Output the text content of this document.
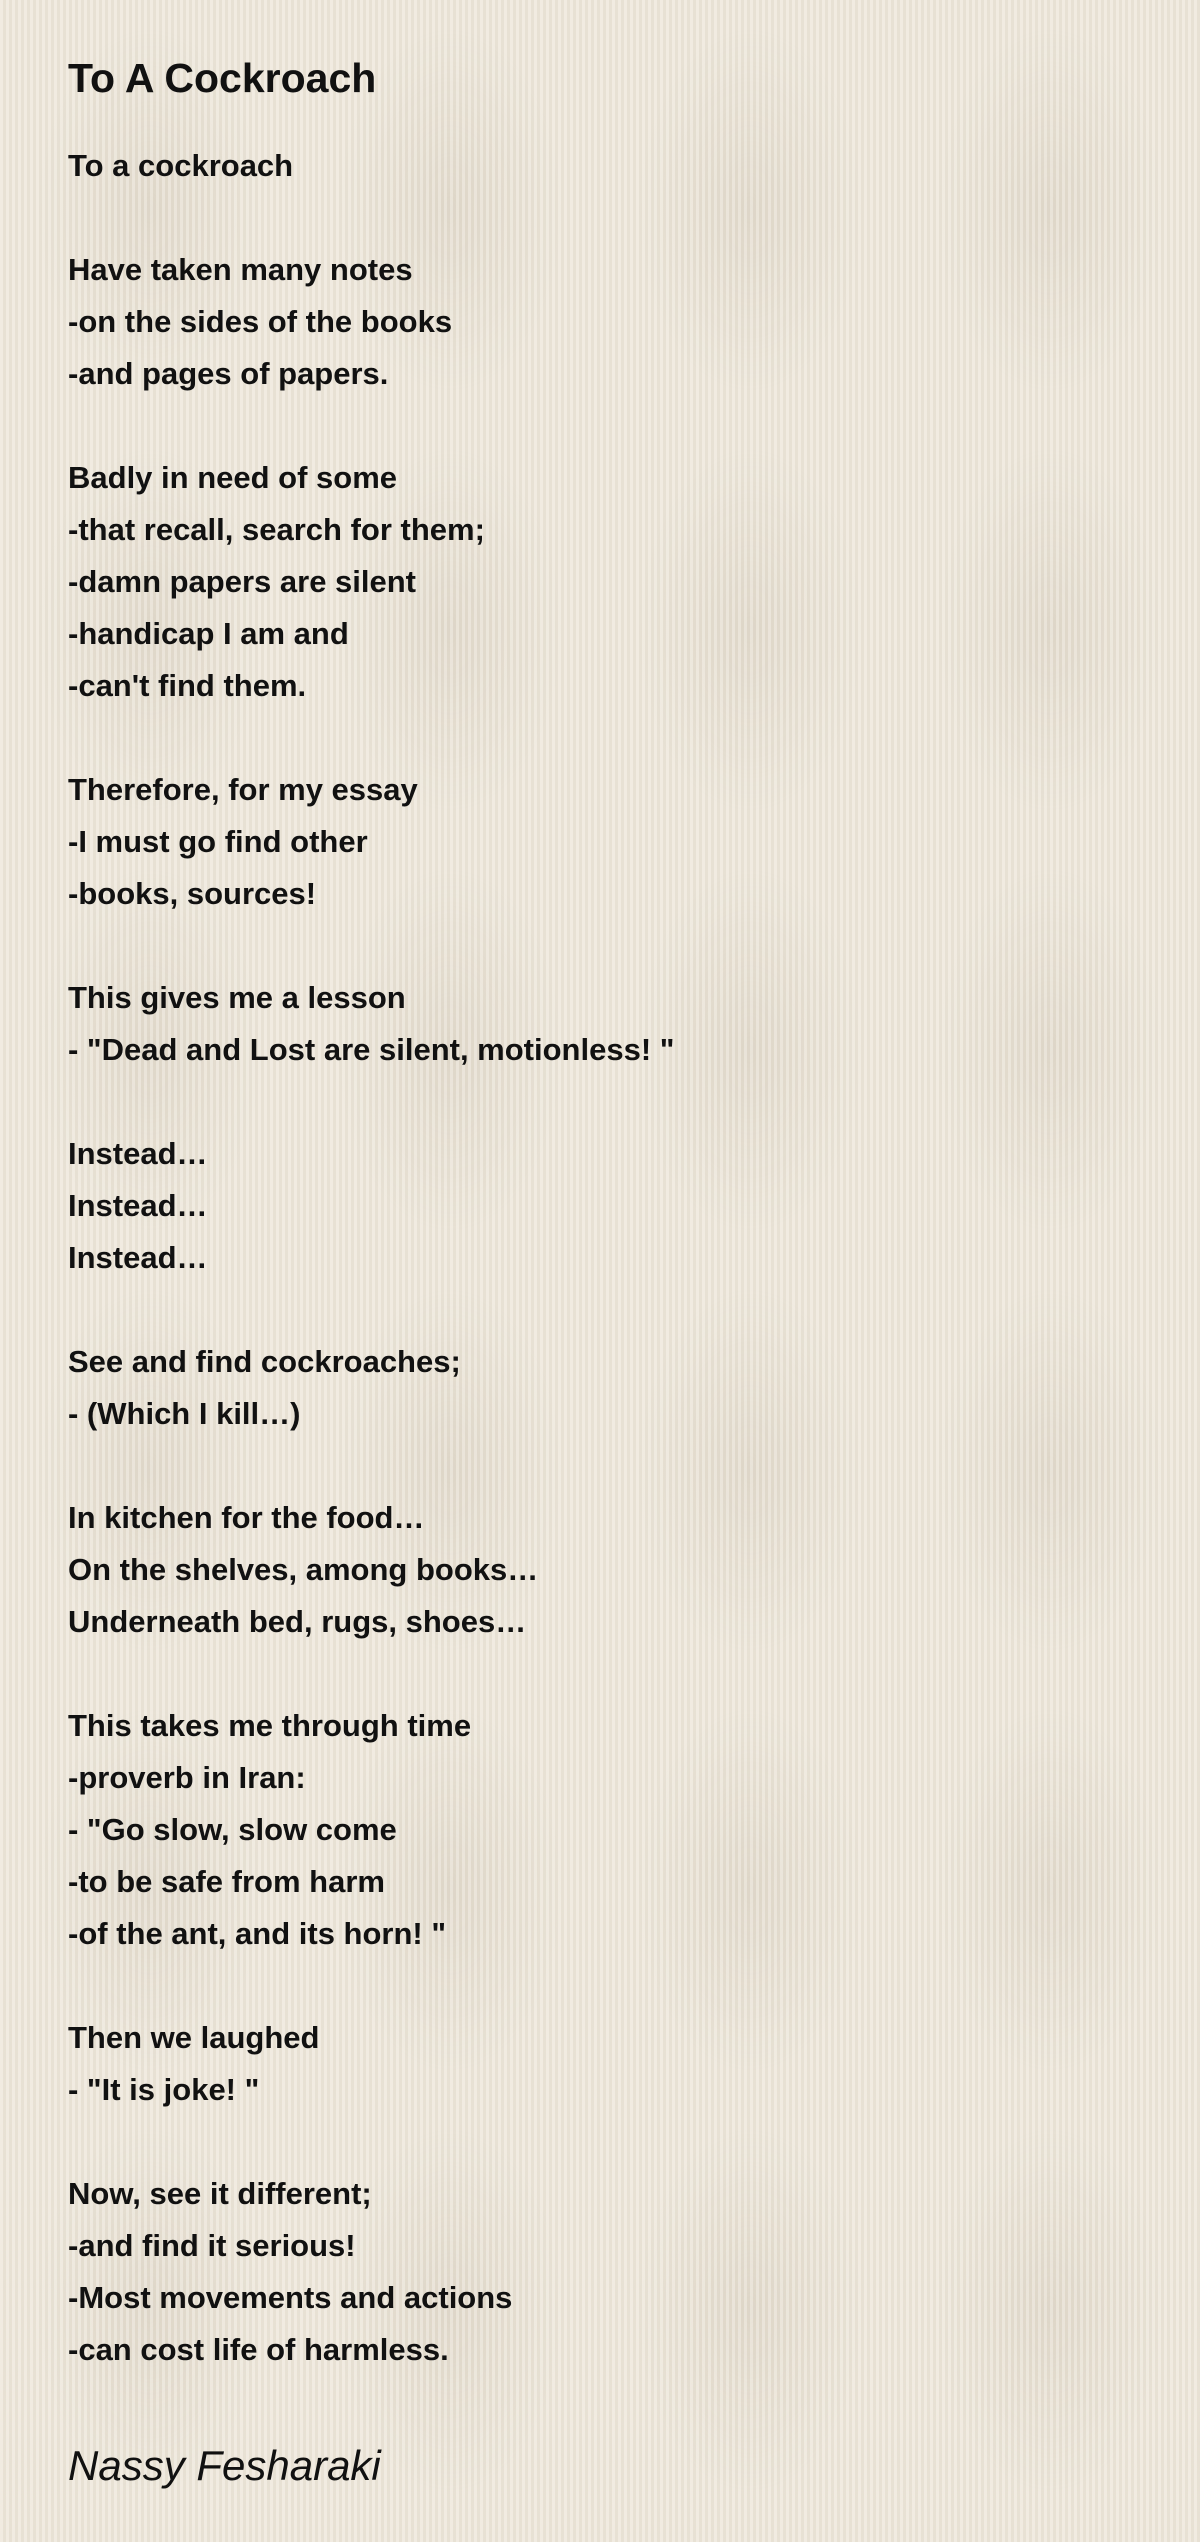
To A Cockroach
To a cockroach
Have taken many notes
-on the sides of the books
-and pages of papers.
Badly in need of some
-that recall, search for them;
-damn papers are silent
-handicap I am and
-can't find them.
Therefore, for my essay
-I must go find other
-books, sources!
This gives me a lesson
- "Dead and Lost are silent, motionless! "
Instead…
Instead…
Instead…
See and find cockroaches;
- (Which I kill…)
In kitchen for the food…
On the shelves, among books…
Underneath bed, rugs, shoes…
This takes me through time
-proverb in Iran:
- "Go slow, slow come
-to be safe from harm
-of the ant, and its horn! "
Then we laughed
- "It is joke! "
Now, see it different;
-and find it serious!
-Most movements and actions
-can cost life of harmless.
Nassy Fesharaki
